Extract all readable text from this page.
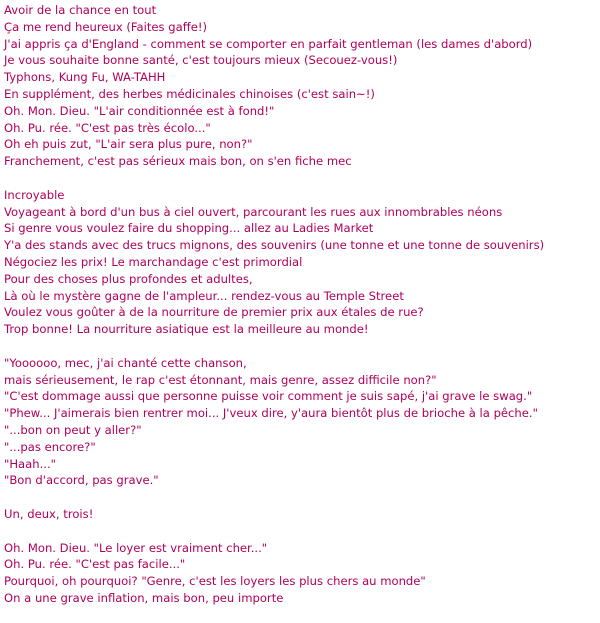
Avoir de la chance en tout
Ça me rend heureux (Faites gaffe!)
J'ai appris ça d'England - comment se comporter en parfait gentleman (les dames d'abord)
Je vous souhaite bonne santé, c'est toujours mieux (Secouez-vous!)
Typhons, Kung Fu, WA-TAHH
En supplément, des herbes médicinales chinoises (c'est sain~!)
Oh. Mon. Dieu. "L'air conditionnée est à fond!"
Oh. Pu. rée. "C'est pas très écolo..."
Oh eh puis zut, "L'air sera plus pure, non?"
Franchement, c'est pas sérieux mais bon, on s'en fiche mec
Incroyable
Voyageant à bord d'un bus à ciel ouvert, parcourant les rues aux innombrables néons
Si genre vous voulez faire du shopping... allez au Ladies Market
Y'a des stands avec des trucs mignons, des souvenirs (une tonne et une tonne de souvenirs)
Négociez les prix! Le marchandage c'est primordial
Pour des choses plus profondes et adultes,
Là où le mystère gagne de l'ampleur... rendez-vous au Temple Street
Voulez vous goûter à de la nourriture de premier prix aux étales de rue?
Trop bonne! La nourriture asiatique est la meilleure au monde!
"Yoooooo, mec, j'ai chanté cette chanson,
mais sérieusement, le rap c'est étonnant, mais genre, assez difficile non?"
"C'est dommage aussi que personne puisse voir comment je suis sapé, j'ai grave le swag."
"Phew... J'aimerais bien rentrer moi... J'veux dire, y'aura bientôt plus de brioche à la pêche."
"...bon on peut y aller?"
"...pas encore?"
"Haah..."
"Bon d'accord, pas grave."
Un, deux, trois!
Oh. Mon. Dieu. "Le loyer est vraiment cher..."
Oh. Pu. rée. "C'est pas facile..."
Pourquoi, oh pourquoi? "Genre, c'est les loyers les plus chers au monde"
On a une grave inflation, mais bon, peu importe
